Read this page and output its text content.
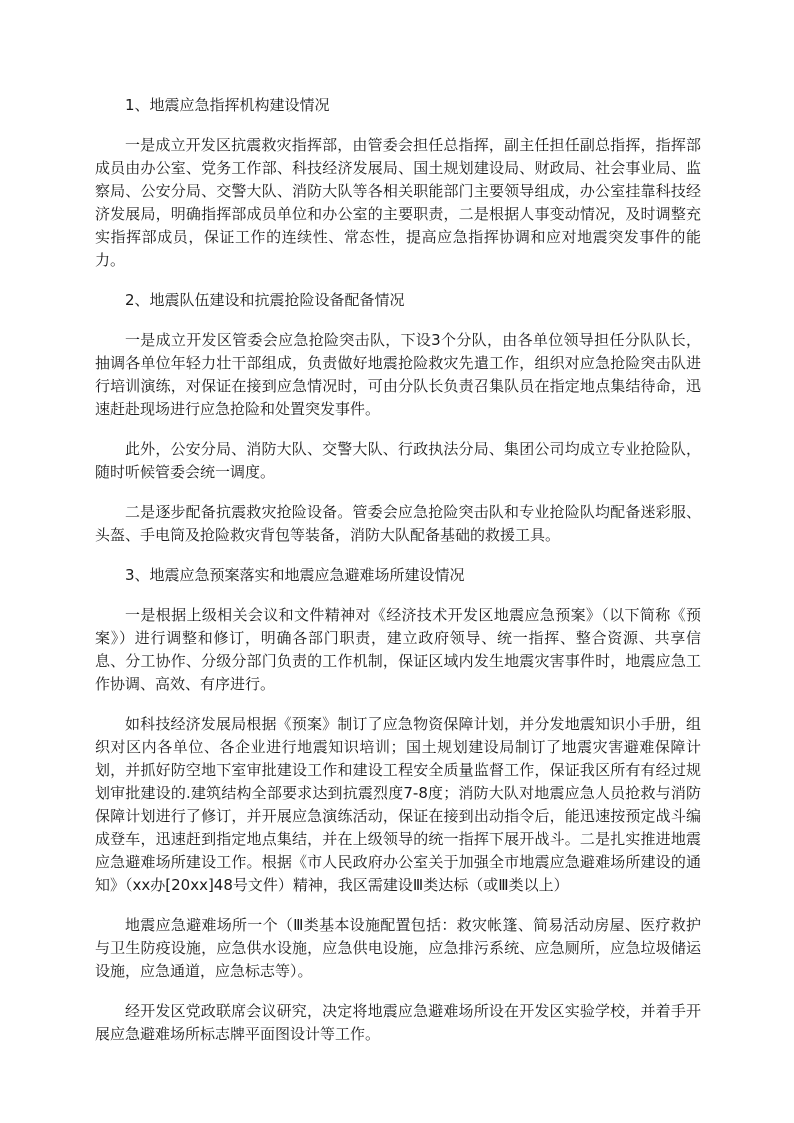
1、地震应急指挥机构建设情况

一是成立开发区抗震救灾指挥部，由管委会担任总指挥，副主任担任副总指挥，指挥部成员由办公室、党务工作部、科技经济发展局、国土规划建设局、财政局、社会事业局、监察局、公安分局、交警大队、消防大队等各相关职能部门主要领导组成，办公室挂靠科技经济发展局，明确指挥部成员单位和办公室的主要职责，二是根据人事变动情况，及时调整充实指挥部成员，保证工作的连续性、常态性，提高应急指挥协调和应对地震突发事件的能力。

2、地震队伍建设和抗震抢险设备配备情况

一是成立开发区管委会应急抢险突击队，下设3个分队，由各单位领导担任分队队长，抽调各单位年轻力壮干部组成，负责做好地震抢险救灾先遣工作，组织对应急抢险突击队进行培训演练，对保证在接到应急情况时，可由分队长负责召集队员在指定地点集结待命，迅速赶赴现场进行应急抢险和处置突发事件。

此外，公安分局、消防大队、交警大队、行政执法分局、集团公司均成立专业抢险队，随时听候管委会统一调度。

二是逐步配备抗震救灾抢险设备。管委会应急抢险突击队和专业抢险队均配备迷彩服、头盔、手电筒及抢险救灾背包等装备，消防大队配备基础的救援工具。

3、地震应急预案落实和地震应急避难场所建设情况

一是根据上级相关会议和文件精神对《经济技术开发区地震应急预案》（以下简称《预案》）进行调整和修订，明确各部门职责，建立政府领导、统一指挥、整合资源、共享信息、分工协作、分级分部门负责的工作机制，保证区域内发生地震灾害事件时，地震应急工作协调、高效、有序进行。

如科技经济发展局根据《预案》制订了应急物资保障计划，并分发地震知识小手册，组织对区内各单位、各企业进行地震知识培训；国土规划建设局制订了地震灾害避难保障计划，并抓好防空地下室审批建设工作和建设工程安全质量监督工作，保证我区所有有经过规划审批建设的.建筑结构全部要求达到抗震烈度7-8度；消防大队对地震应急人员抢救与消防保障计划进行了修订，并开展应急演练活动，保证在接到出动指令后，能迅速按预定战斗编成登车，迅速赶到指定地点集结，并在上级领导的统一指挥下展开战斗。二是扎实推进地震应急避难场所建设工作。根据《市人民政府办公室关于加强全市地震应急避难场所建设的通知》（xx办[20xx]48号文件）精神，我区需建设Ⅲ类达标（或Ⅲ类以上）

地震应急避难场所一个（Ⅲ类基本设施配置包括：救灾帐篷、简易活动房屋、医疗救护与卫生防疫设施，应急供水设施，应急供电设施，应急排污系统、应急厕所，应急垃圾储运设施，应急通道，应急标志等）。

经开发区党政联席会议研究，决定将地震应急避难场所设在开发区实验学校，并着手开展应急避难场所标志牌平面图设计等工作。
